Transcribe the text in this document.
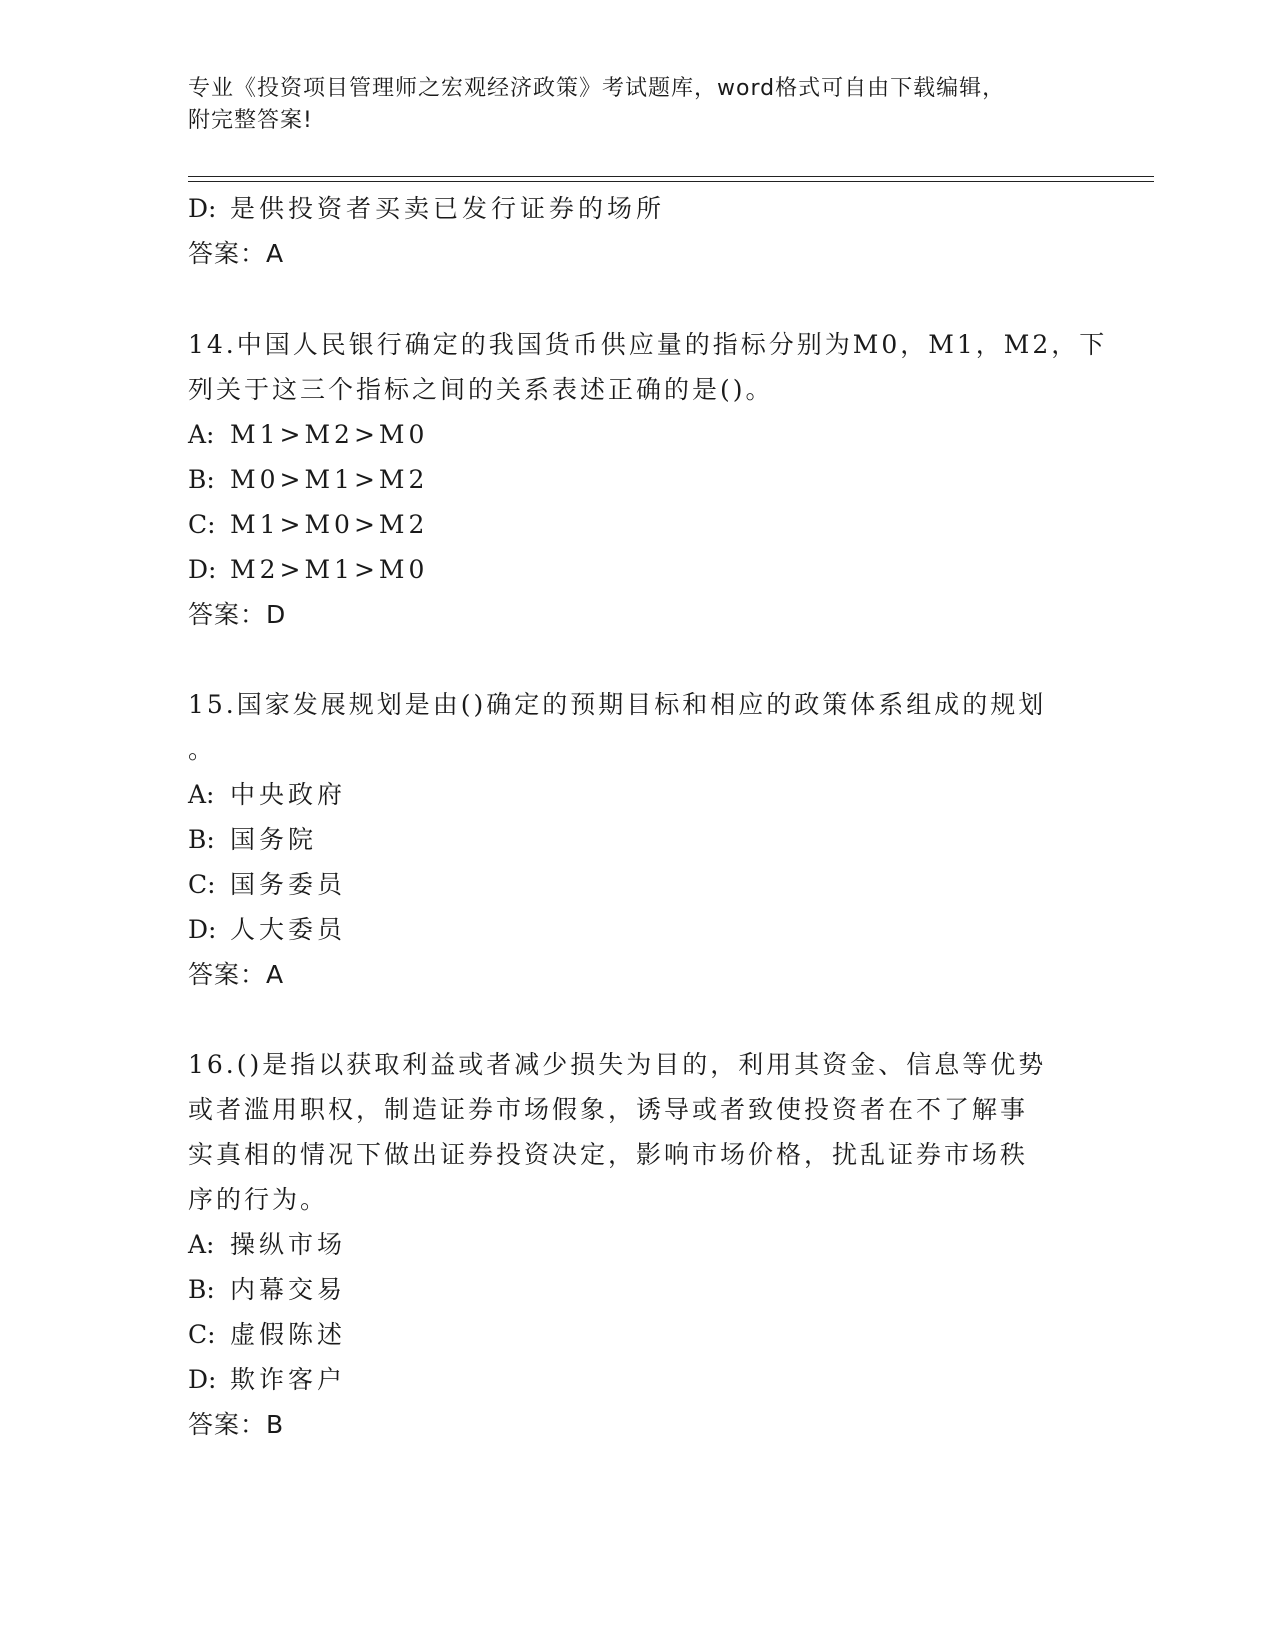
专业《投资项目管理师之宏观经济政策》考试题库，word格式可自由下载编辑，
附完整答案!
D: 是供投资者买卖已发行证券的场所
答案：A
14.中国人民银行确定的我国货币供应量的指标分别为M0，M1，M2，下
列关于这三个指标之间的关系表述正确的是()。
A: M1>M2>M0
B: M0>M1>M2
C: M1>M0>M2
D: M2>M1>M0
答案：D
15.国家发展规划是由()确定的预期目标和相应的政策体系组成的规划
。
A: 中央政府
B: 国务院
C: 国务委员
D: 人大委员
答案：A
16.()是指以获取利益或者减少损失为目的，利用其资金、信息等优势
或者滥用职权，制造证券市场假象，诱导或者致使投资者在不了解事
实真相的情况下做出证券投资决定，影响市场价格，扰乱证券市场秩
序的行为。
A: 操纵市场
B: 内幕交易
C: 虚假陈述
D: 欺诈客户
答案：B
